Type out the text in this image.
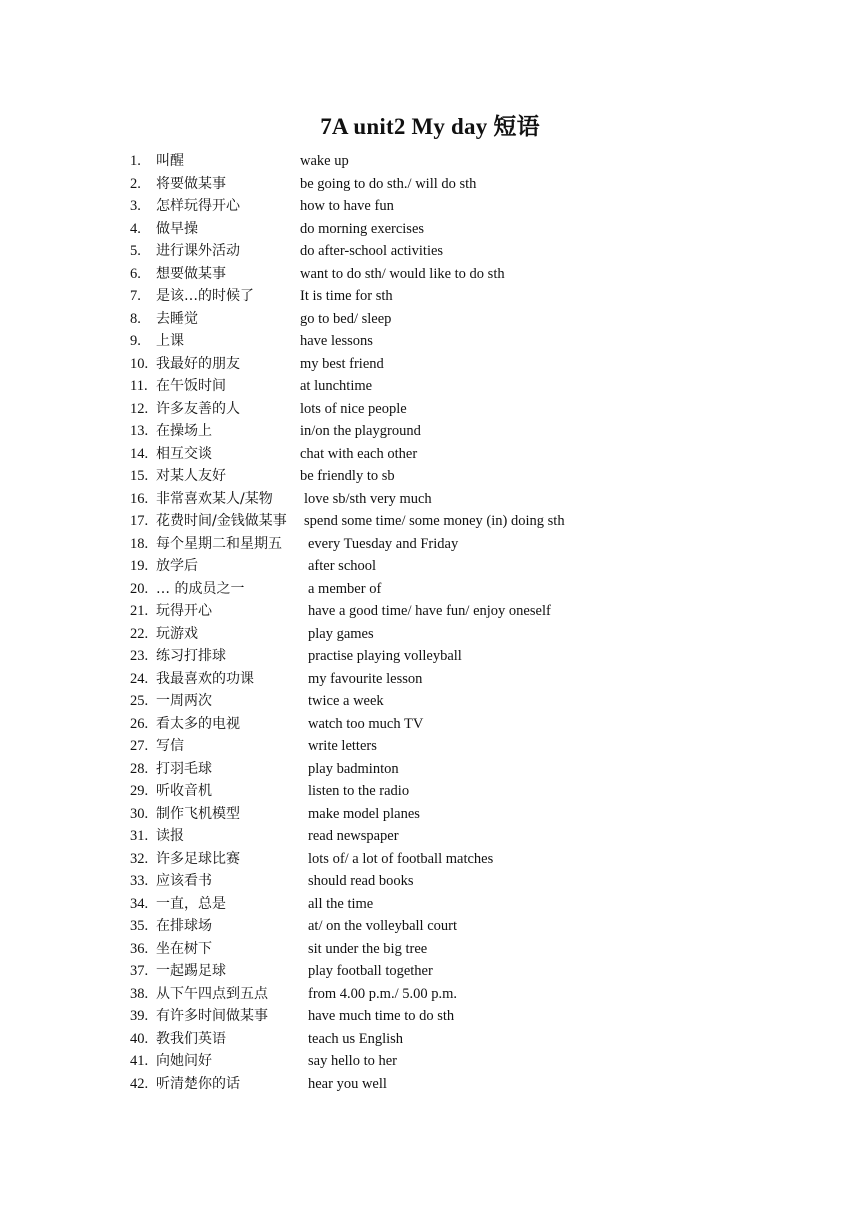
7A unit2 My day 短语
1.	叫醒	wake up
2.	将要做某事	be going to do sth./ will do sth
3.	怎样玩得开心	how to have fun
4.	做早操	do morning exercises
5.	进行课外活动	do after-school activities
6.	想要做某事	want to do sth/ would like to do sth
7.	是该…的时候了	It is time for sth
8.	去睡觉	go to bed/ sleep
9.	上课	have lessons
10. 我最好的朋友	my best friend
11. 在午饭时间	at lunchtime
12. 许多友善的人	lots of nice people
13. 在操场上	in/on the playground
14. 相互交谈	chat with each other
15. 对某人友好	be friendly to sb
16. 非常喜欢某人/某物 love sb/sth very much
17. 花费时间/金钱做某事 spend some time/ some money (in) doing sth
18. 每个星期二和星期五 every Tuesday and Friday
19. 放学后	after school
20. … 的成员之一	a member of
21. 玩得开心	have a good time/ have fun/ enjoy oneself
22. 玩游戏	play games
23. 练习打排球	practise playing volleyball
24. 我最喜欢的功课	my favourite lesson
25. 一周两次	twice a week
26. 看太多的电视	watch too much TV
27. 写信	write letters
28. 打羽毛球	play badminton
29. 听收音机	listen to the radio
30. 制作飞机模型	make model planes
31. 读报	read newspaper
32. 许多足球比赛	lots of/ a lot of football matches
33. 应该看书	should read books
34. 一直，总是	all the time
35. 在排球场	at/ on the volleyball court
36. 坐在树下	sit under the big tree
37. 一起踢足球	play football together
38. 从下午四点到五点	from 4.00 p.m./ 5.00 p.m.
39. 有许多时间做某事	have much time to do sth
40. 教我们英语	teach us English
41. 向她问好	say hello to her
42. 听清楚你的话	hear you well
